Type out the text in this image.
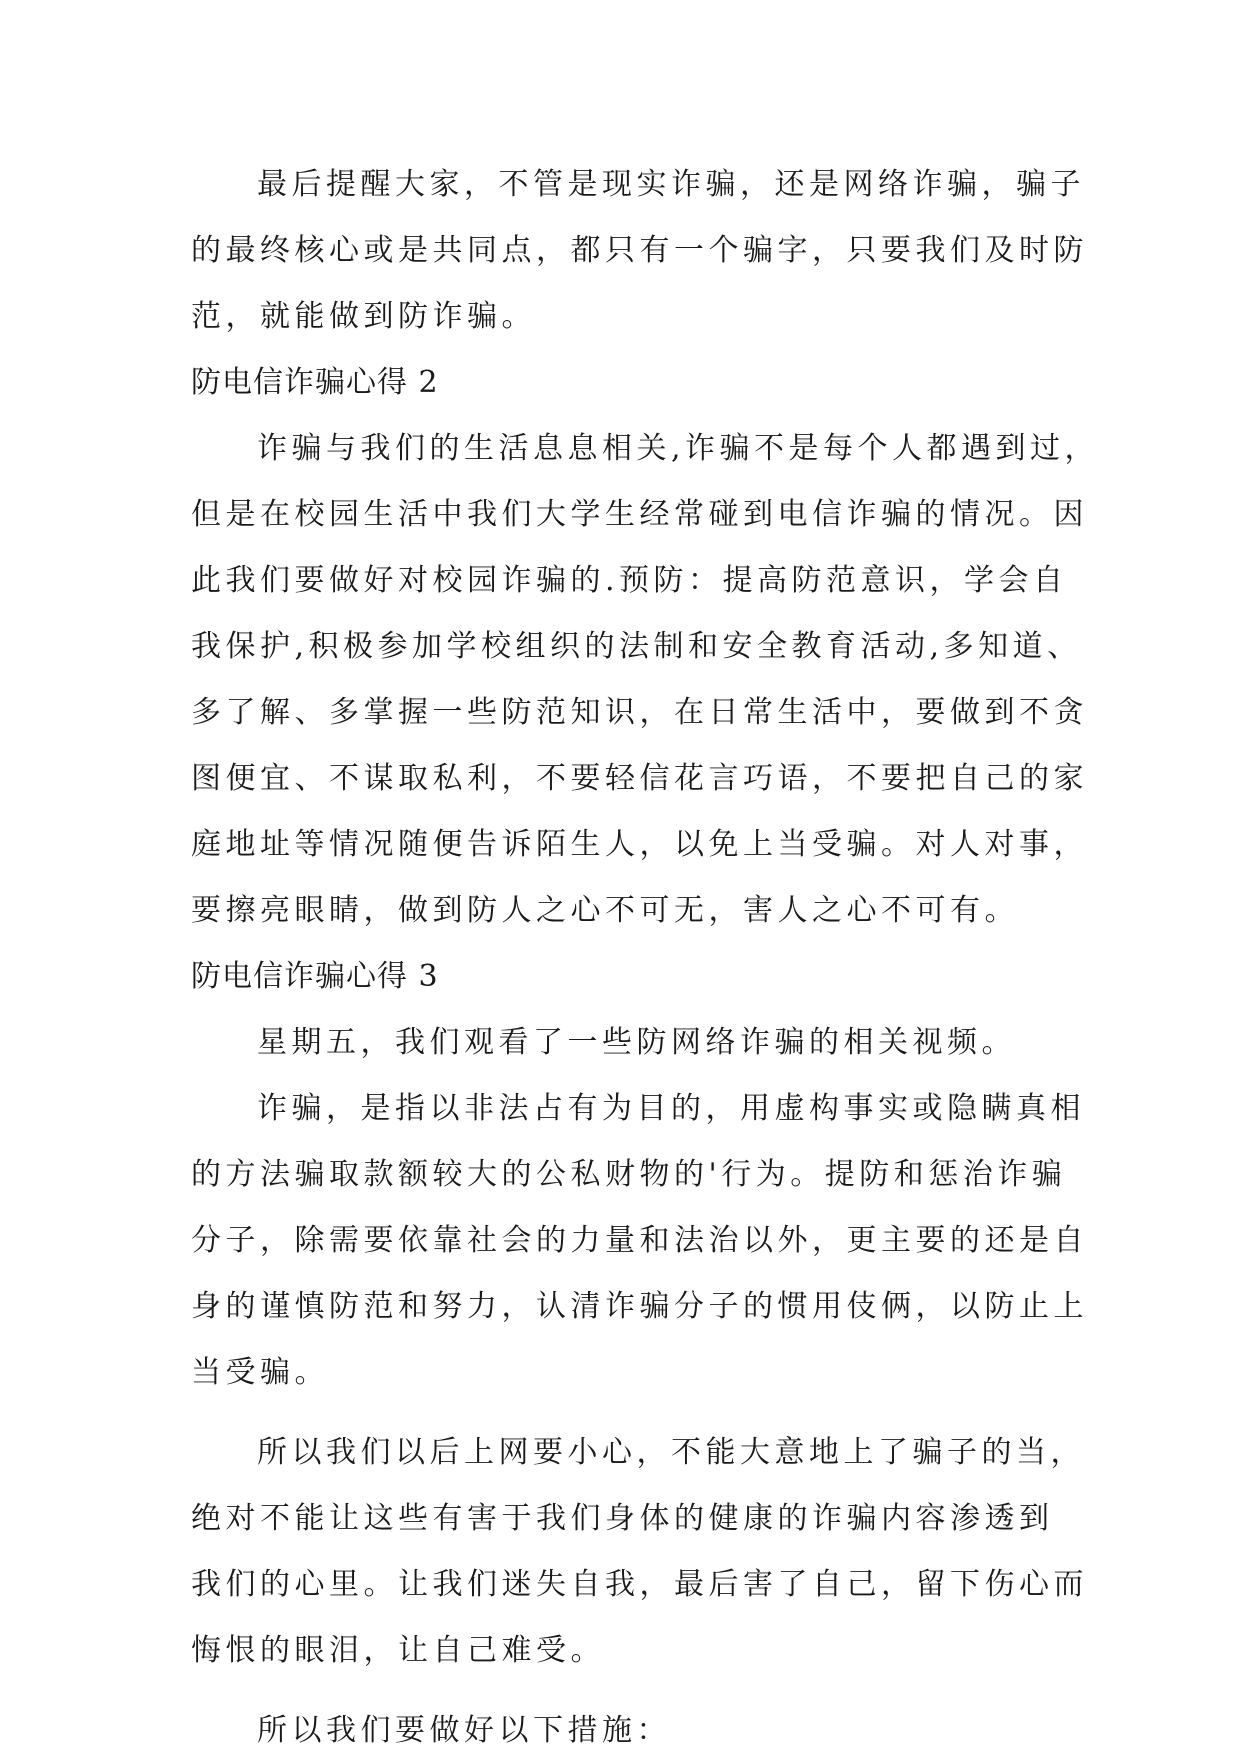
最后提醒大家，不管是现实诈骗，还是网络诈骗，骗子
的最终核心或是共同点，都只有一个骗字，只要我们及时防
范，就能做到防诈骗。
防电信诈骗心得 2
诈骗与我们的生活息息相关,诈骗不是每个人都遇到过，
但是在校园生活中我们大学生经常碰到电信诈骗的情况。因
此我们要做好对校园诈骗的.预防：提高防范意识，学会自
我保护,积极参加学校组织的法制和安全教育活动,多知道、
多了解、多掌握一些防范知识，在日常生活中，要做到不贪
图便宜、不谋取私利，不要轻信花言巧语，不要把自己的家
庭地址等情况随便告诉陌生人，以免上当受骗。对人对事，
要擦亮眼睛，做到防人之心不可无，害人之心不可有。
防电信诈骗心得 3
星期五，我们观看了一些防网络诈骗的相关视频。
诈骗，是指以非法占有为目的，用虚构事实或隐瞒真相
的方法骗取款额较大的公私财物的'行为。提防和惩治诈骗
分子，除需要依靠社会的力量和法治以外，更主要的还是自
身的谨慎防范和努力，认清诈骗分子的惯用伎俩，以防止上
当受骗。
所以我们以后上网要小心，不能大意地上了骗子的当，
绝对不能让这些有害于我们身体的健康的诈骗内容渗透到
我们的心里。让我们迷失自我，最后害了自己，留下伤心而
悔恨的眼泪，让自己难受。
所以我们要做好以下措施：
